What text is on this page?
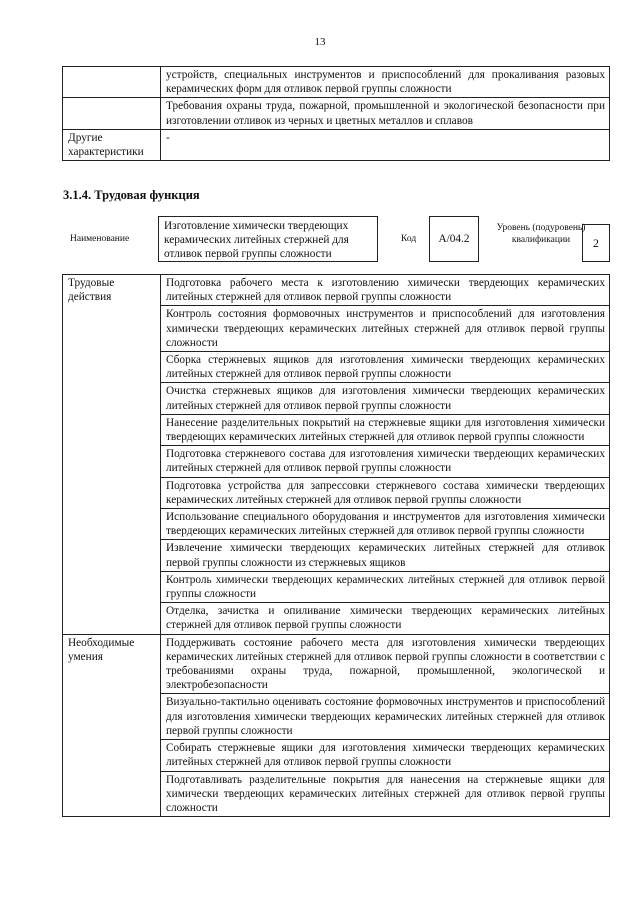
13
	устройств, специальных инструментов и приспособлений для прокаливания разовых керамических форм для отливок первой группы сложности
	Требования охраны труда, пожарной, промышленной и экологической безопасности при изготовлении отливок из черных и цветных металлов и сплавов
Другие характеристики	-
3.1.4. Трудовая функция
Наименование
Изготовление химически твердеющих керамических литейных стержней для отливок первой группы сложности
Код	A/04.2
Уровень (подуровень) квалификации	2
Трудовые действия	Подготовка рабочего места к изготовлению химически твердеющих керамических литейных стержней для отливок первой группы сложности
	Контроль состояния формовочных инструментов и приспособлений для изготовления химически твердеющих керамических литейных стержней для отливок первой группы сложности
	Сборка стержневых ящиков для изготовления химически твердеющих керамических литейных стержней для отливок первой группы сложности
	Очистка стержневых ящиков для изготовления химически твердеющих керамических литейных стержней для отливок первой группы сложности
	Нанесение разделительных покрытий на стержневые ящики для изготовления химически твердеющих керамических литейных стержней для отливок первой группы сложности
	Подготовка стержневого состава для изготовления химически твердеющих керамических литейных стержней для отливок первой группы сложности
	Подготовка устройства для запрессовки стержневого состава химически твердеющих керамических литейных стержней для отливок первой группы сложности
	Использование специального оборудования и инструментов для изготовления химически твердеющих керамических литейных стержней для отливок первой группы сложности
	Извлечение химически твердеющих керамических литейных стержней для отливок первой группы сложности из стержневых ящиков
	Контроль химически твердеющих керамических литейных стержней для отливок первой группы сложности
	Отделка, зачистка и опиливание химически твердеющих керамических литейных стержней для отливок первой группы сложности
Необходимые умения	Поддерживать состояние рабочего места для изготовления химически твердеющих керамических литейных стержней для отливок первой группы сложности в соответствии с требованиями охраны труда, пожарной, промышленной, экологической и электробезопасности
	Визуально-тактильно оценивать состояние формовочных инструментов и приспособлений для изготовления химически твердеющих керамических литейных стержней для отливок первой группы сложности
	Собирать стержневые ящики для изготовления химически твердеющих керамических литейных стержней для отливок первой группы сложности
	Подготавливать разделительные покрытия для нанесения на стержневые ящики для химически твердеющих керамических литейных стержней для отливок первой группы сложности
